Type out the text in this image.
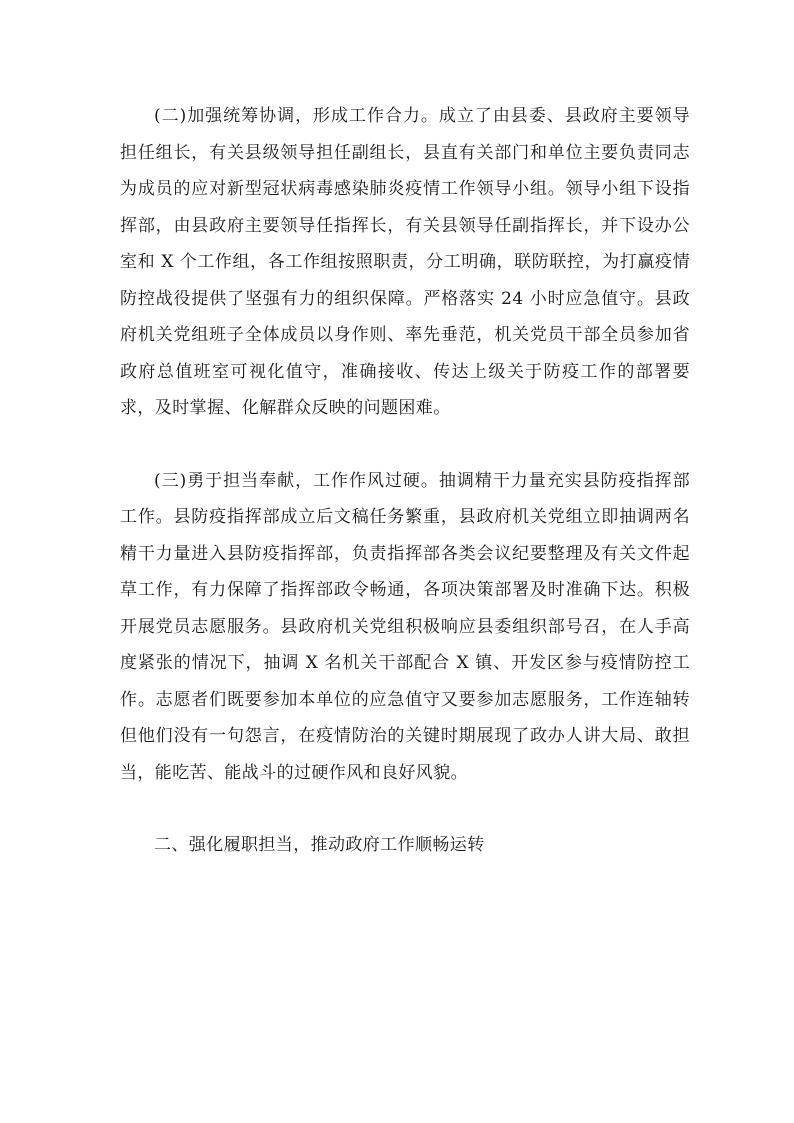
(二)加强统筹协调，形成工作合力。成立了由县委、县政府主要领导担任组长，有关县级领导担任副组长，县直有关部门和单位主要负责同志为成员的应对新型冠状病毒感染肺炎疫情工作领导小组。领导小组下设指挥部，由县政府主要领导任指挥长，有关县领导任副指挥长，并下设办公室和 X 个工作组，各工作组按照职责，分工明确，联防联控，为打赢疫情防控战役提供了坚强有力的组织保障。严格落实 24 小时应急值守。县政府机关党组班子全体成员以身作则、率先垂范，机关党员干部全员参加省政府总值班室可视化值守，准确接收、传达上级关于防疫工作的部署要求，及时掌握、化解群众反映的问题困难。

(三)勇于担当奉献，工作作风过硬。抽调精干力量充实县防疫指挥部工作。县防疫指挥部成立后文稿任务繁重，县政府机关党组立即抽调两名精干力量进入县防疫指挥部，负责指挥部各类会议纪要整理及有关文件起草工作，有力保障了指挥部政令畅通，各项决策部署及时准确下达。积极开展党员志愿服务。县政府机关党组积极响应县委组织部号召，在人手高度紧张的情况下，抽调 X 名机关干部配合 X 镇、开发区参与疫情防控工作。志愿者们既要参加本单位的应急值守又要参加志愿服务，工作连轴转但他们没有一句怨言，在疫情防治的关键时期展现了政办人讲大局、敢担当，能吃苦、能战斗的过硬作风和良好风貌。

二、强化履职担当，推动政府工作顺畅运转
